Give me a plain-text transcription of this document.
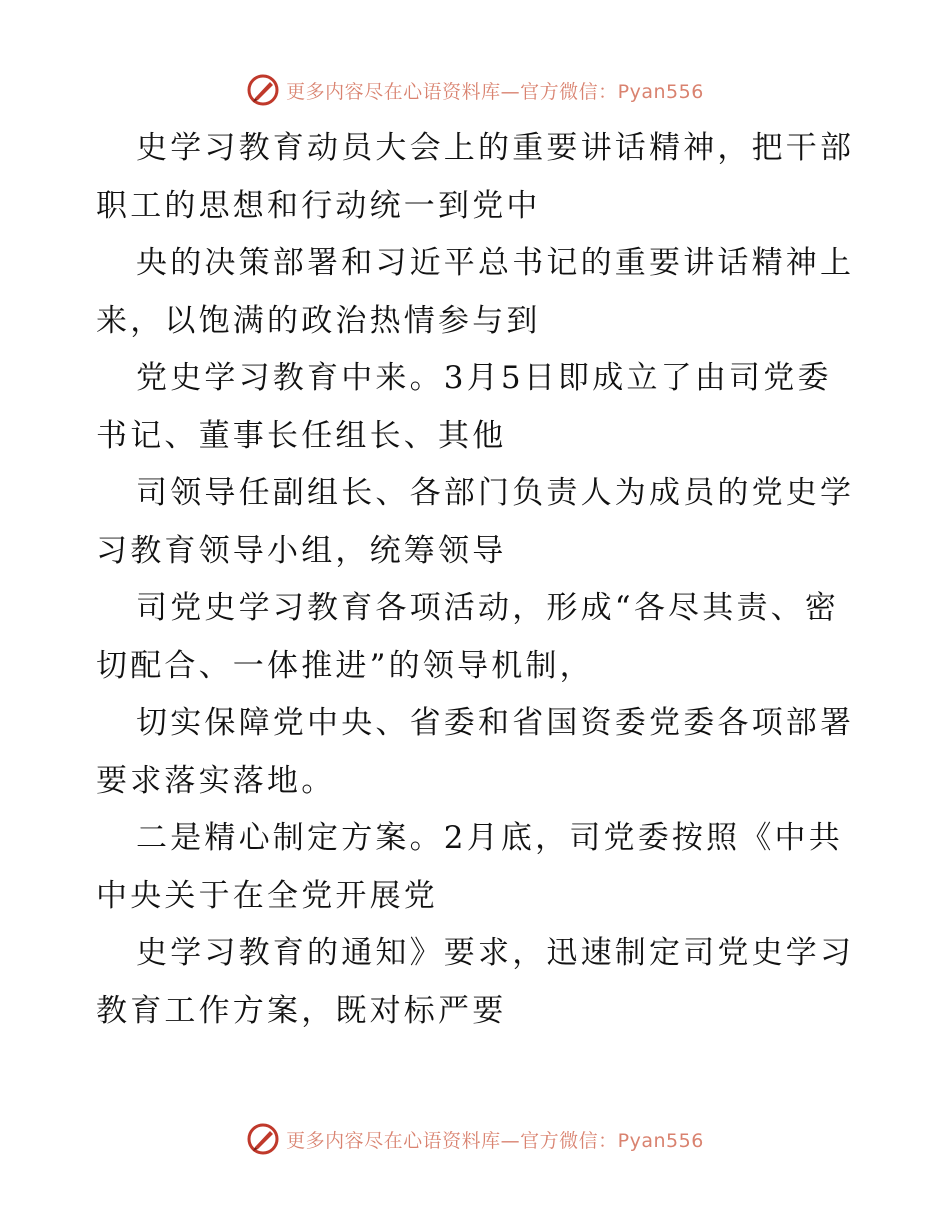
更多内容尽在心语资料库—官方微信：Pyan556
史学习教育动员大会上的重要讲话精神，把干部
职工的思想和行动统一到党中
央的决策部署和习近平总书记的重要讲话精神上
来，以饱满的政治热情参与到
党史学习教育中来。3月5日即成立了由司党委
书记、董事长任组长、其他
司领导任副组长、各部门负责人为成员的党史学
习教育领导小组，统筹领导
司党史学习教育各项活动，形成“各尽其责、密
切配合、一体推进”的领导机制，
切实保障党中央、省委和省国资委党委各项部署
要求落实落地。
二是精心制定方案。2月底，司党委按照《中共
中央关于在全党开展党
史学习教育的通知》要求，迅速制定司党史学习
教育工作方案，既对标严要
更多内容尽在心语资料库—官方微信：Pyan556
